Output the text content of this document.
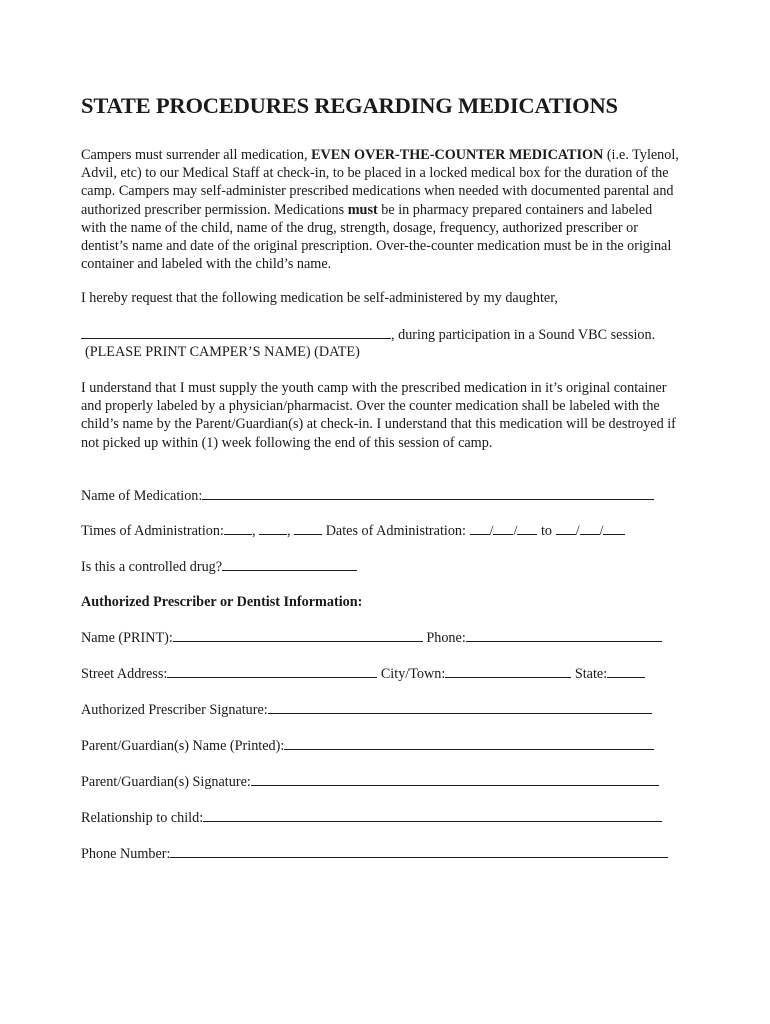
STATE PROCEDURES REGARDING MEDICATIONS

Campers must surrender all medication, EVEN OVER-THE-COUNTER MEDICATION (i.e. Tylenol, Advil, etc) to our Medical Staff at check-in, to be placed in a locked medical box for the duration of the camp. Campers may self-administer prescribed medications when needed with documented parental and authorized prescriber permission. Medications must be in pharmacy prepared containers and labeled with the name of the child, name of the drug, strength, dosage, frequency, authorized prescriber or dentist’s name and date of the original prescription. Over-the-counter medication must be in the original container and labeled with the child’s name.

I hereby request that the following medication be self-administered by my daughter,
, during participation in a Sound VBC session.
(PLEASE PRINT CAMPER’S NAME) (DATE)

I understand that I must supply the youth camp with the prescribed medication in it’s original container and properly labeled by a physician/pharmacist. Over the counter medication shall be labeled with the child’s name by the Parent/Guardian(s) at check-in. I understand that this medication will be destroyed if not picked up within (1) week following the end of this session of camp.

Name of Medication:
Times of Administration: , , Dates of Administration: / / to / /
Is this a controlled drug?
Authorized Prescriber or Dentist Information:
Name (PRINT):	Phone:
Street Address:	City/Town:	State:
Authorized Prescriber Signature:
Parent/Guardian(s) Name (Printed):
Parent/Guardian(s) Signature:
Relationship to child:
Phone Number:
